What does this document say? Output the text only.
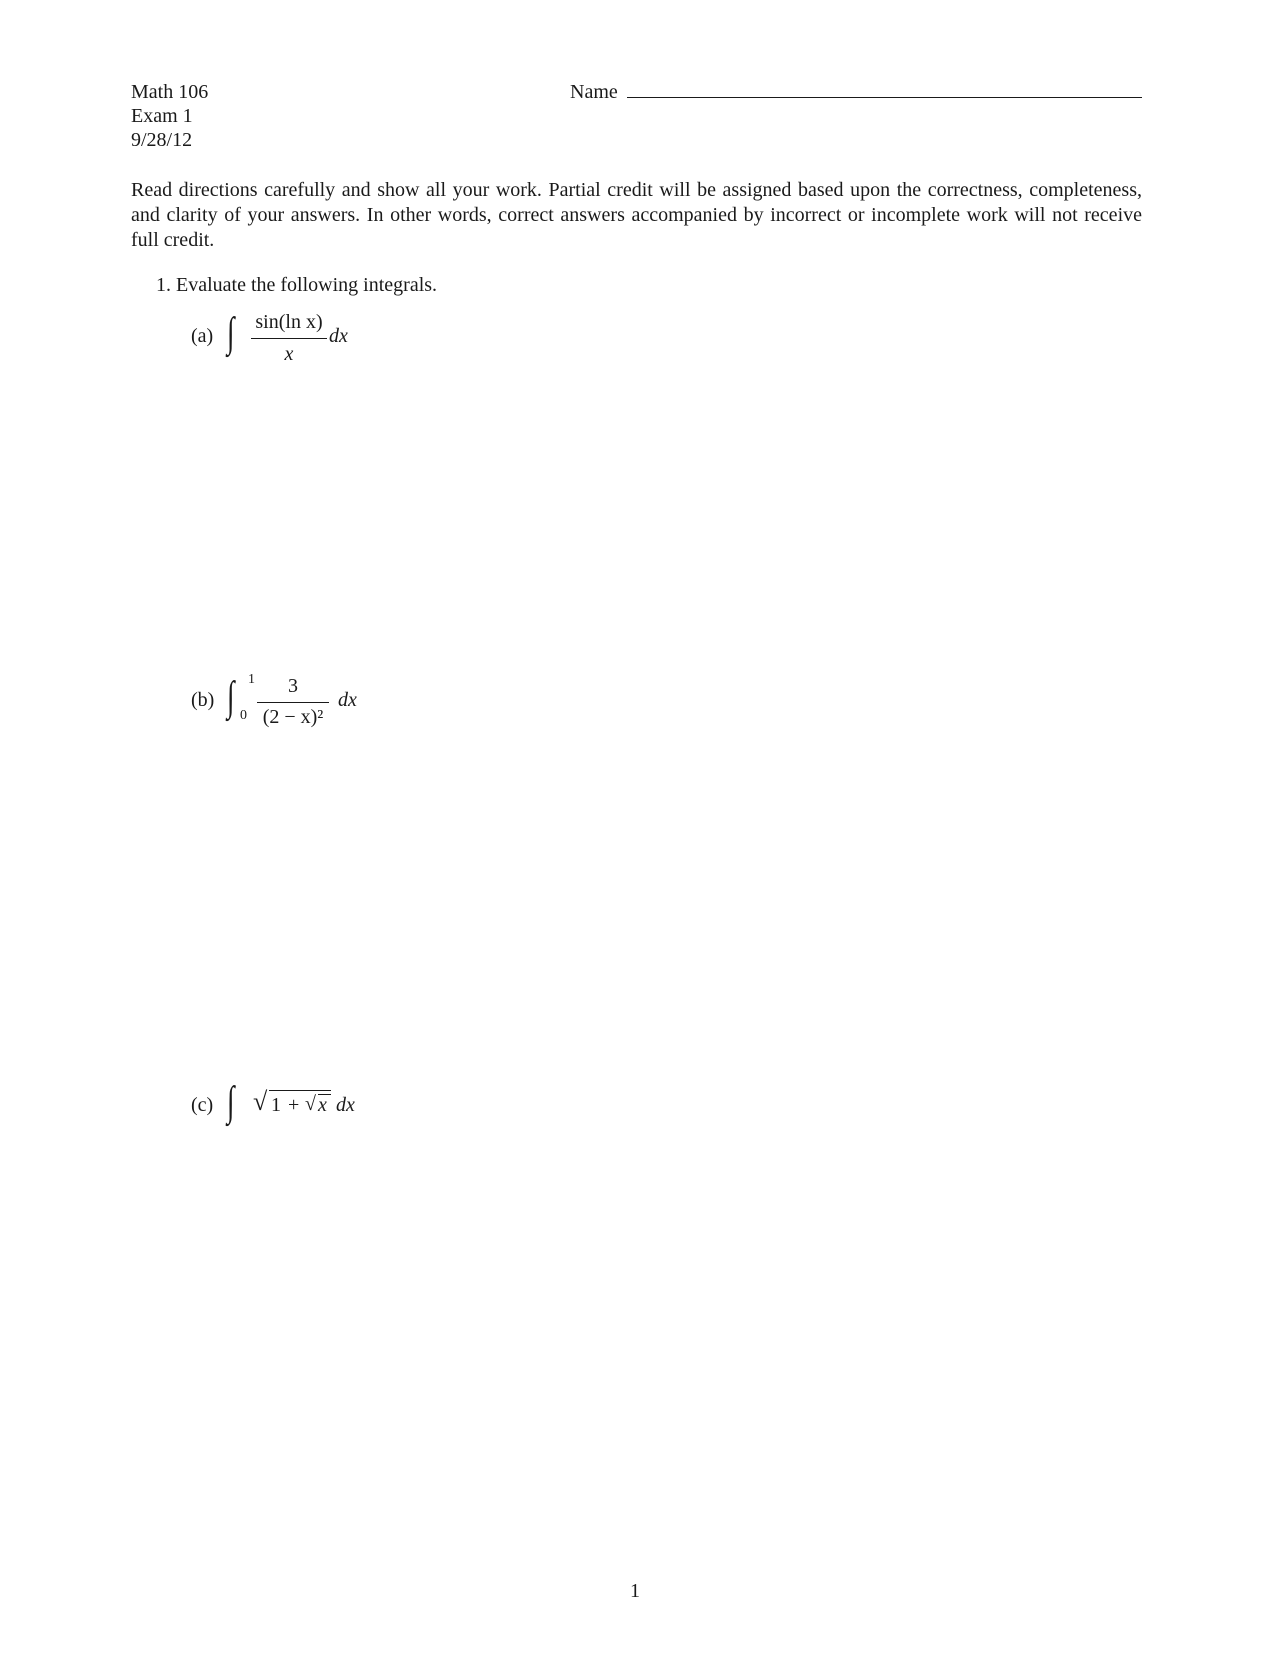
Math 106
Exam 1
9/28/12
Name
Read directions carefully and show all your work. Partial credit will be assigned based upon the correctness, completeness, and clarity of your answers. In other words, correct answers accompanied by incorrect or incomplete work will not receive full credit.
1. Evaluate the following integrals.
(a) ∫ sin(ln x)
x
dx
(b) ∫ 1
0
3
(2 − x)²
dx
(c) ∫ √ 1 + √ x dx
1
